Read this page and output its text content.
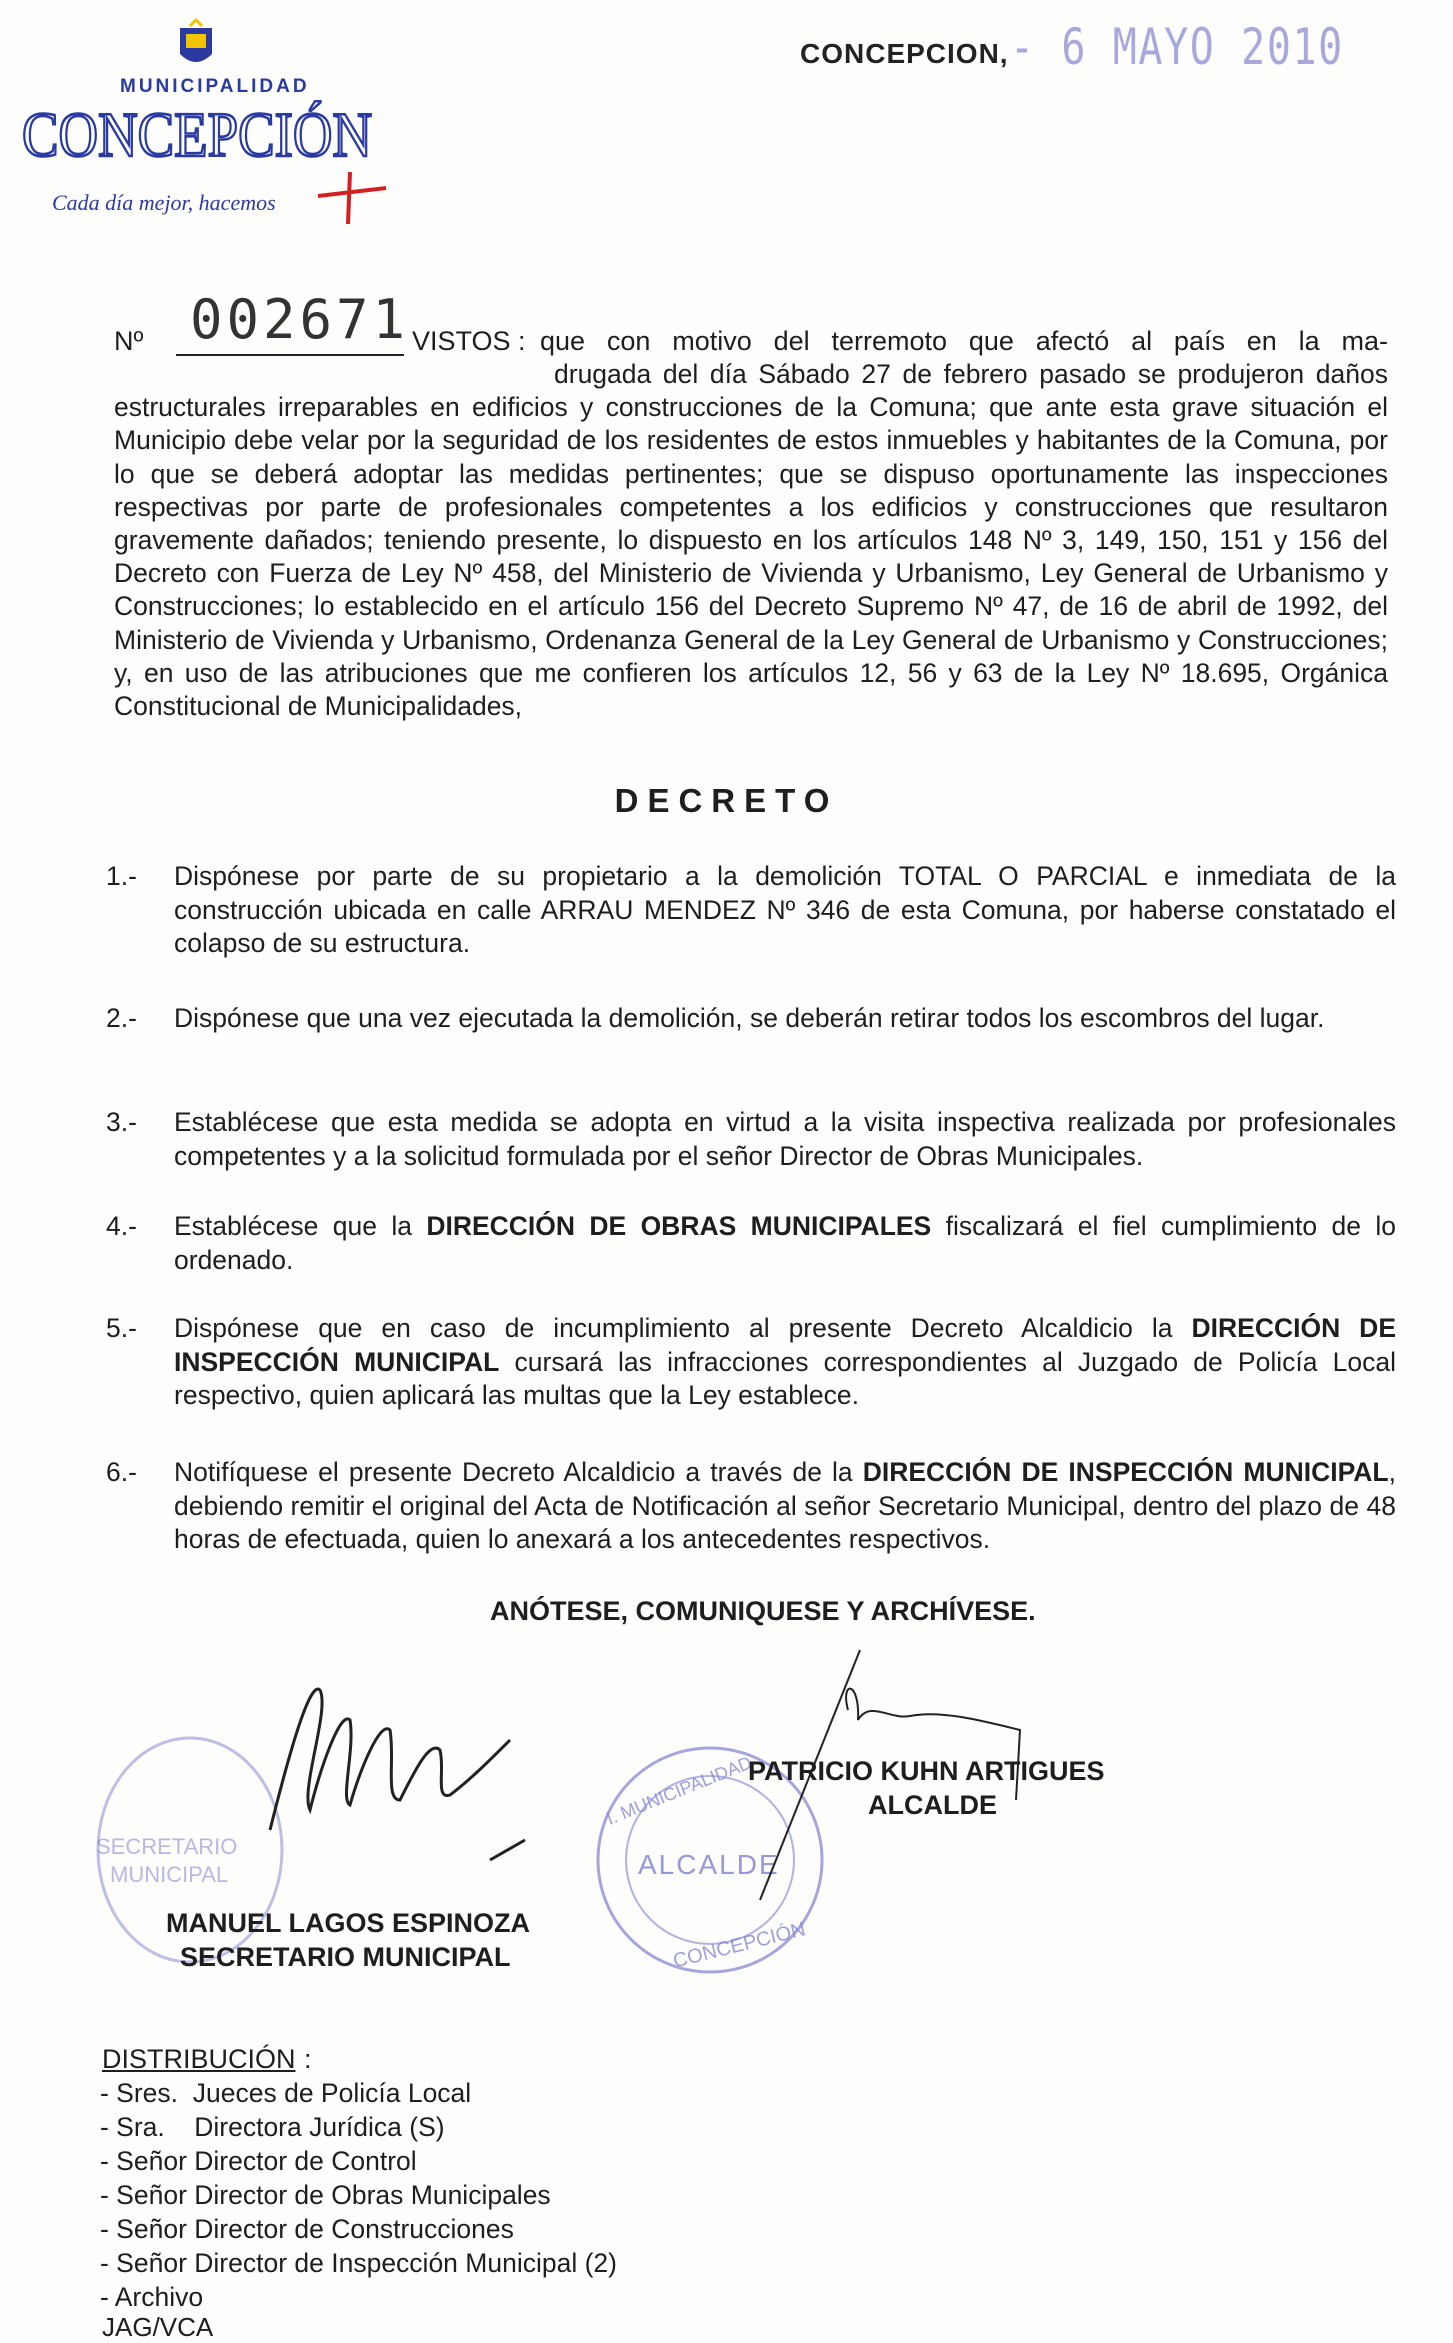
MUNICIPALIDAD
CONCEPCIÓN
Cada día mejor, hacemos
CONCEPCION, - 6 MAYO 2010
Nº 002671 VISTOS : que con motivo del terremoto que afectó al país en la ma-
drugada del día Sábado 27 de febrero pasado se produjeron daños estructurales irreparables en edificios y construcciones de la Comuna; que ante esta grave situación el Municipio debe velar por la seguridad de los residentes de estos inmuebles y habitantes de la Comuna, por lo que se deberá adoptar las medidas pertinentes; que se dispuso oportunamente las inspecciones respectivas por parte de profesionales competentes a los edificios y construcciones que resultaron gravemente dañados; teniendo presente, lo dispuesto en los artículos 148 Nº 3, 149, 150, 151 y 156 del Decreto con Fuerza de Ley Nº 458, del Ministerio de Vivienda y Urbanismo, Ley General de Urbanismo y Construcciones; lo establecido en el artículo 156 del Decreto Supremo Nº 47, de 16 de abril de 1992, del Ministerio de Vivienda y Urbanismo, Ordenanza General de la Ley General de Urbanismo y Construcciones; y, en uso de las atribuciones que me confieren los artículos 12, 56 y 63 de la Ley Nº 18.695, Orgánica Constitucional de Municipalidades,
DECRETO
1.- Dispónese por parte de su propietario a la demolición TOTAL O PARCIAL e inmediata de la construcción ubicada en calle ARRAU MENDEZ Nº 346 de esta Comuna, por haberse constatado el colapso de su estructura.
2.- Dispónese que una vez ejecutada la demolición, se deberán retirar todos los escombros del lugar.
3.- Establécese que esta medida se adopta en virtud a la visita inspectiva realizada por profesionales competentes y a la solicitud formulada por el señor Director de Obras Municipales.
4.- Establécese que la DIRECCIÓN DE OBRAS MUNICIPALES fiscalizará el fiel cumplimiento de lo ordenado.
5.- Dispónese que en caso de incumplimiento al presente Decreto Alcaldicio la DIRECCIÓN DE INSPECCIÓN MUNICIPAL cursará las infracciones correspondientes al Juzgado de Policía Local respectivo, quien aplicará las multas que la Ley establece.
6.- Notifíquese el presente Decreto Alcaldicio a través de la DIRECCIÓN DE INSPECCIÓN MUNICIPAL, debiendo remitir el original del Acta de Notificación al señor Secretario Municipal, dentro del plazo de 48 horas de efectuada, quien lo anexará a los antecedentes respectivos.
ANÓTESE, COMUNIQUESE Y ARCHÍVESE.
SECRETARIO
MUNICIPAL
MANUEL LAGOS ESPINOZA
SECRETARIO MUNICIPAL
ALCALDE
I. MUNICIPALIDAD
CONCEPCIÓN
PATRICIO KUHN ARTIGUES
ALCALDE
DISTRIBUCIÓN :
- Sres.  Jueces de Policía Local
- Sra.    Directora Jurídica (S)
- Señor Director de Control
- Señor Director de Obras Municipales
- Señor Director de Construcciones
- Señor Director de Inspección Municipal (2)
- Archivo
JAG/VCA
